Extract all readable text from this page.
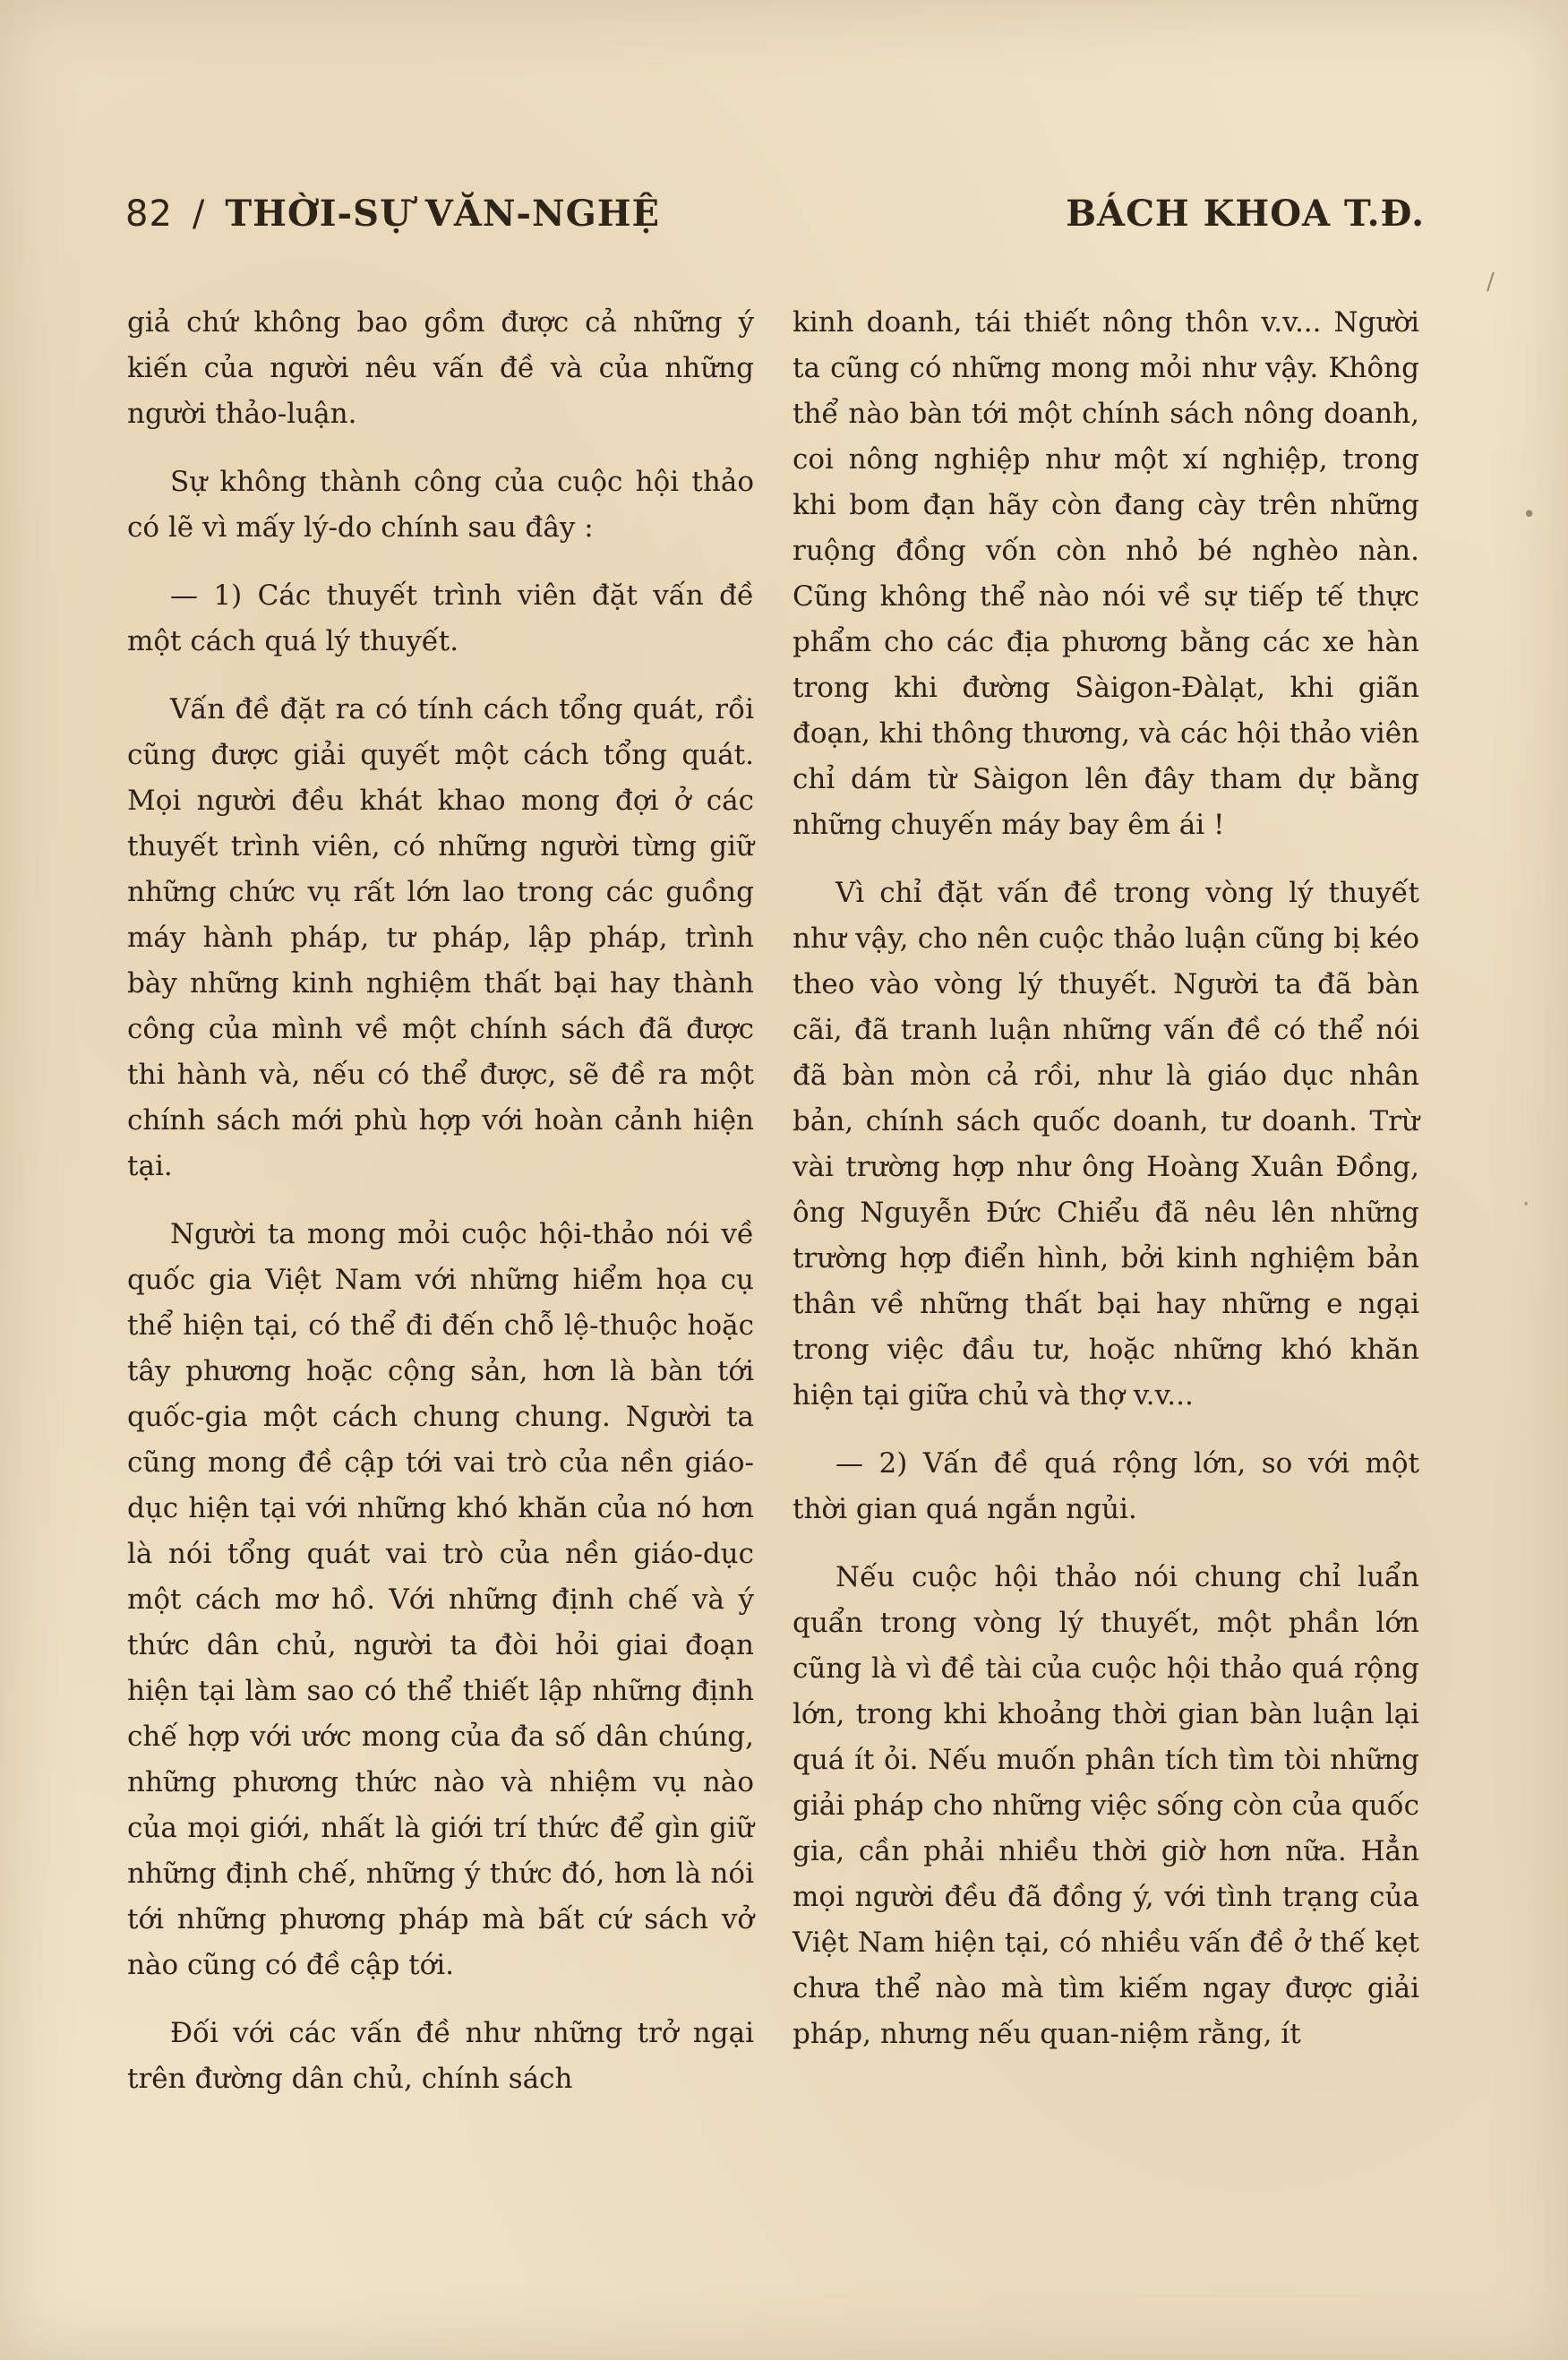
82 / THỜI-SỰ VĂN-NGHỆ	BÁCH KHOA T.Đ.

giả chứ không bao gồm được cả những ý kiến của người nêu vấn đề và của những người thảo-luận.

Sự không thành công của cuộc hội thảo có lẽ vì mấy lý-do chính sau đây :

— 1) Các thuyết trình viên đặt vấn đề một cách quá lý thuyết.

Vấn đề đặt ra có tính cách tổng quát, rồi cũng được giải quyết một cách tổng quát. Mọi người đều khát khao mong đợi ở các thuyết trình viên, có những người từng giữ những chức vụ rất lớn lao trong các guồng máy hành pháp, tư pháp, lập pháp, trình bày những kinh nghiệm thất bại hay thành công của mình về một chính sách đã được thi hành và, nếu có thể được, sẽ đề ra một chính sách mới phù hợp với hoàn cảnh hiện tại.

Người ta mong mỏi cuộc hội-thảo nói về quốc gia Việt Nam với những hiểm họa cụ thể hiện tại, có thể đi đến chỗ lệ-thuộc hoặc tây phương hoặc cộng sản, hơn là bàn tới quốc-gia một cách chung chung. Người ta cũng mong đề cập tới vai trò của nền giáo-dục hiện tại với những khó khăn của nó hơn là nói tổng quát vai trò của nền giáo-dục một cách mơ hồ. Với những định chế và ý thức dân chủ, người ta đòi hỏi giai đoạn hiện tại làm sao có thể thiết lập những định chế hợp với ước mong của đa số dân chúng, những phương thức nào và nhiệm vụ nào của mọi giới, nhất là giới trí thức để gìn giữ những định chế, những ý thức đó, hơn là nói tới những phương pháp mà bất cứ sách vở nào cũng có đề cập tới.

Đối với các vấn đề như những trở ngại trên đường dân chủ, chính sách

kinh doanh, tái thiết nông thôn v.v... Người ta cũng có những mong mỏi như vậy. Không thể nào bàn tới một chính sách nông doanh, coi nông nghiệp như một xí nghiệp, trong khi bom đạn hãy còn đang cày trên những ruộng đồng vốn còn nhỏ bé nghèo nàn. Cũng không thể nào nói về sự tiếp tế thực phẩm cho các địa phương bằng các xe hàn trong khi đường Sàigon-Đàlạt, khi giãn đoạn, khi thông thương, và các hội thảo viên chỉ dám từ Sàigon lên đây tham dự bằng những chuyến máy bay êm ái !

Vì chỉ đặt vấn đề trong vòng lý thuyết như vậy, cho nên cuộc thảo luận cũng bị kéo theo vào vòng lý thuyết. Người ta đã bàn cãi, đã tranh luận những vấn đề có thể nói đã bàn mòn cả rồi, như là giáo dục nhân bản, chính sách quốc doanh, tư doanh. Trừ vài trường hợp như ông Hoàng Xuân Đồng, ông Nguyễn Đức Chiểu đã nêu lên những trường hợp điển hình, bởi kinh nghiệm bản thân về những thất bại hay những e ngại trong việc đầu tư, hoặc những khó khăn hiện tại giữa chủ và thợ v.v...

— 2) Vấn đề quá rộng lớn, so với một thời gian quá ngắn ngủi.

Nếu cuộc hội thảo nói chung chỉ luẩn quẩn trong vòng lý thuyết, một phần lớn cũng là vì đề tài của cuộc hội thảo quá rộng lớn, trong khi khoảng thời gian bàn luận lại quá ít ỏi. Nếu muốn phân tích tìm tòi những giải pháp cho những việc sống còn của quốc gia, cần phải nhiều thời giờ hơn nữa. Hẳn mọi người đều đã đồng ý, với tình trạng của Việt Nam hiện tại, có nhiều vấn đề ở thế kẹt chưa thể nào mà tìm kiếm ngay được giải pháp, nhưng nếu quan-niệm rằng, ít

/
•
·
